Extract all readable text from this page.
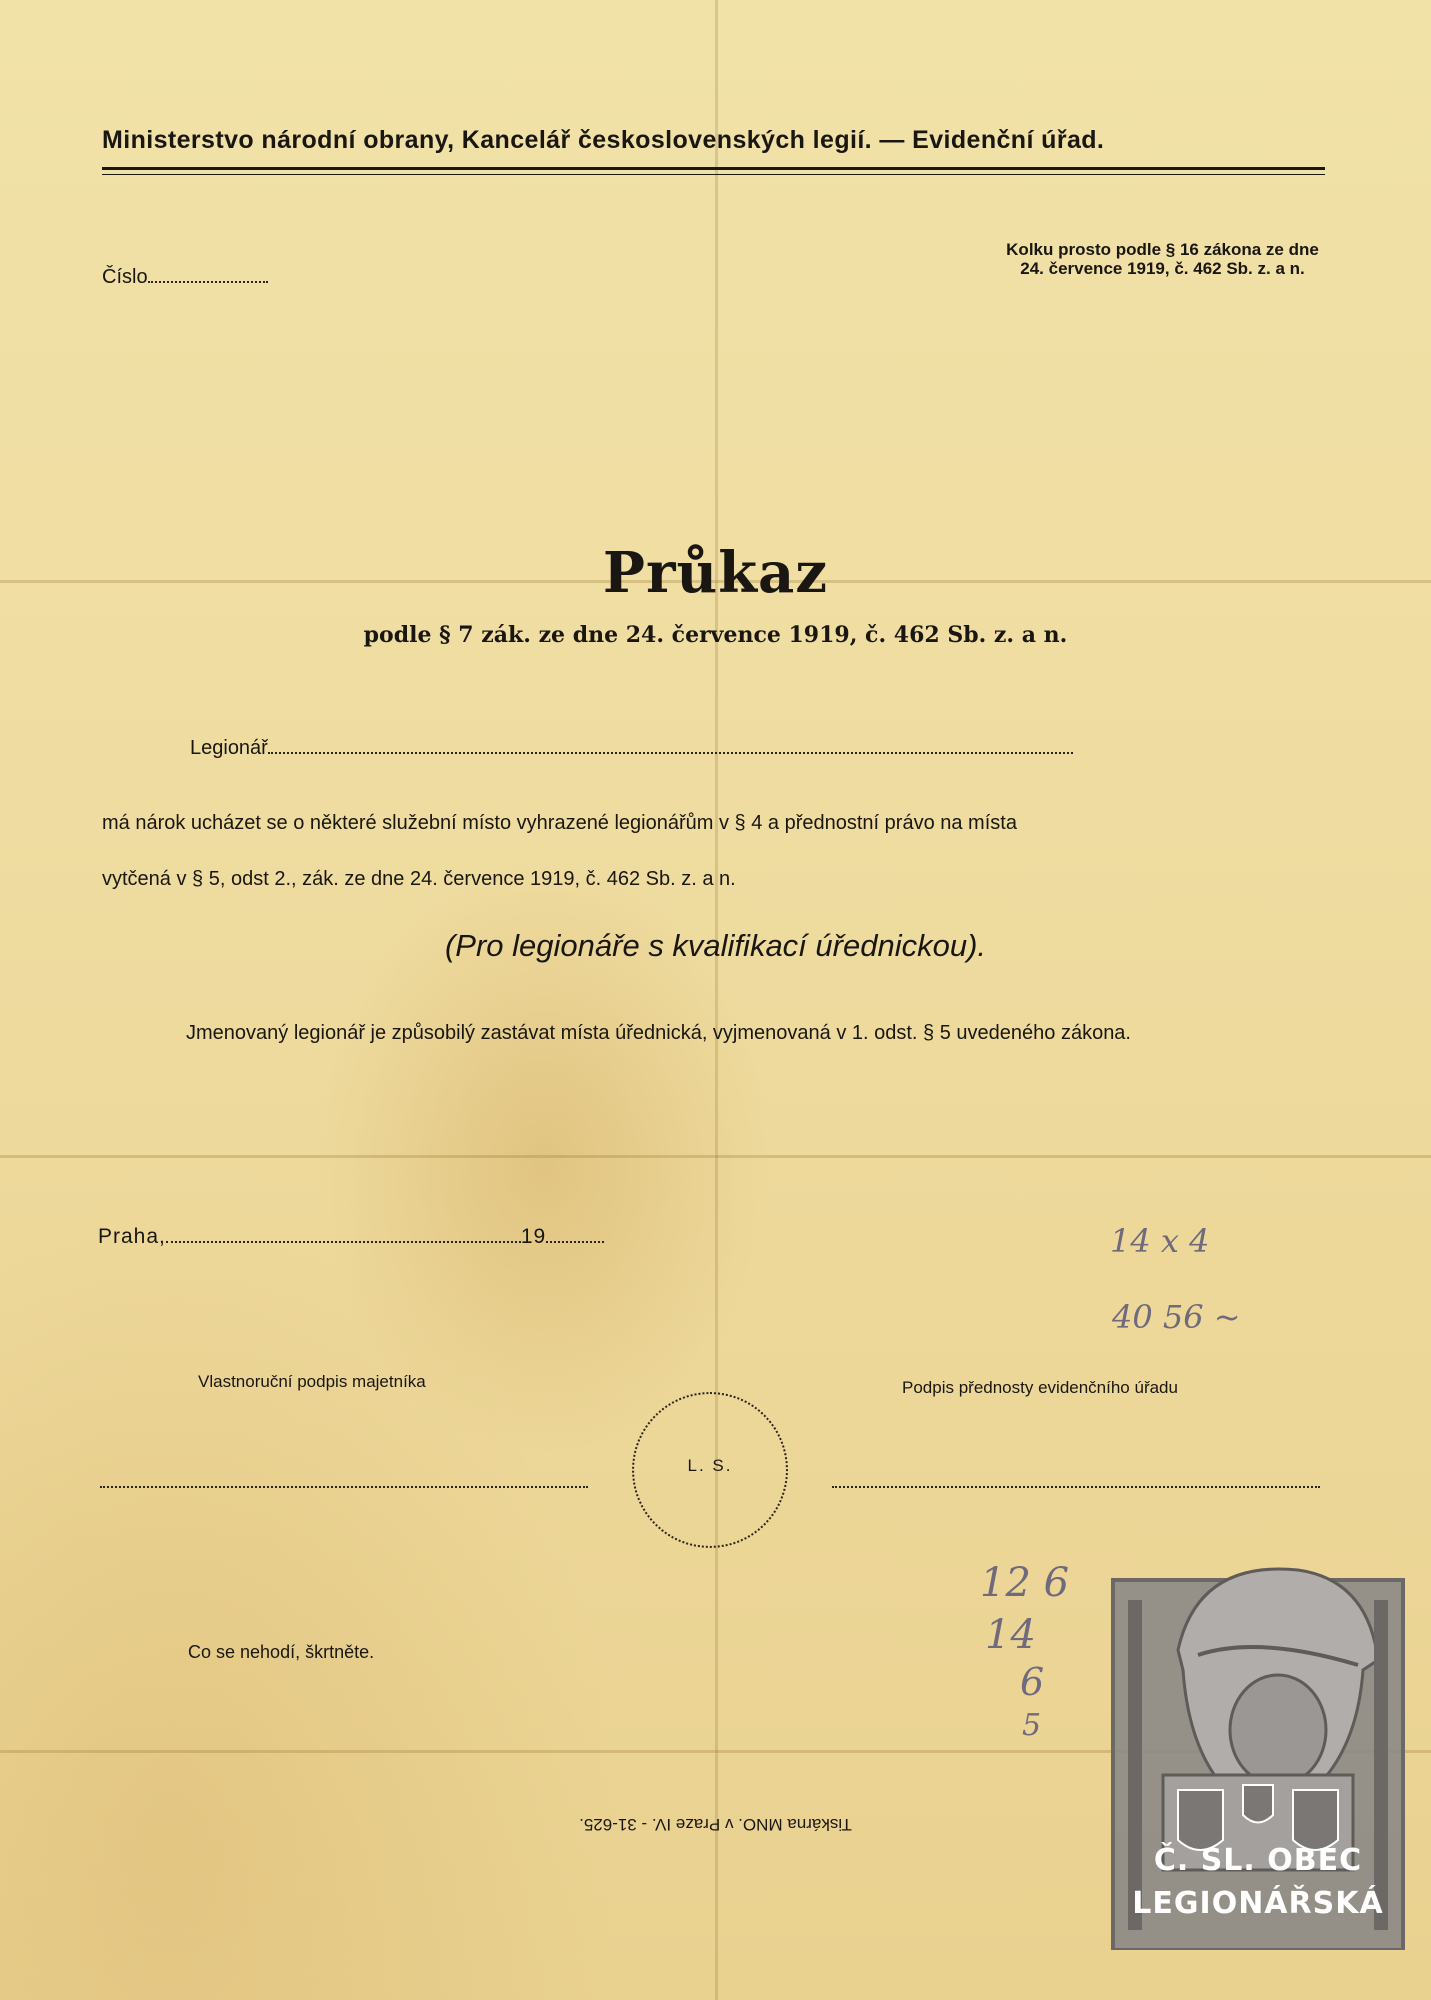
Ministerstvo národní obrany, Kancelář československých legií. — Evidenční úřad.
Číslo
Kolku prosto podle § 16 zákona ze dne 24. července 1919, č. 462 Sb. z. a n.
Průkaz
podle § 7 zák. ze dne 24. července 1919, č. 462 Sb. z. a n.
Legionář
má nárok ucházet se o některé služební místo vyhrazené legionářům v § 4 a přednostní právo na místa
vytčená v § 5, odst 2., zák. ze dne 24. července 1919, č. 462 Sb. z. a n.
(Pro legionáře s kvalifikací úřednickou).
Jmenovaný legionář je způsobilý zastávat místa úřednická, vyjmenovaná v 1. odst. § 5 uvedeného zákona.
Praha,	19	14 x 4
40 56 ~
Vlastnoruční podpis majetníka	Podpis přednosty evidenčního úřadu
L. S.
12 6
14
6
5
Co se nehodí, škrtněte.
Tiskárna MNO. v Praze IV. - 31-625.
Č. SL. OBEC
LEGIONÁŘSKÁ
